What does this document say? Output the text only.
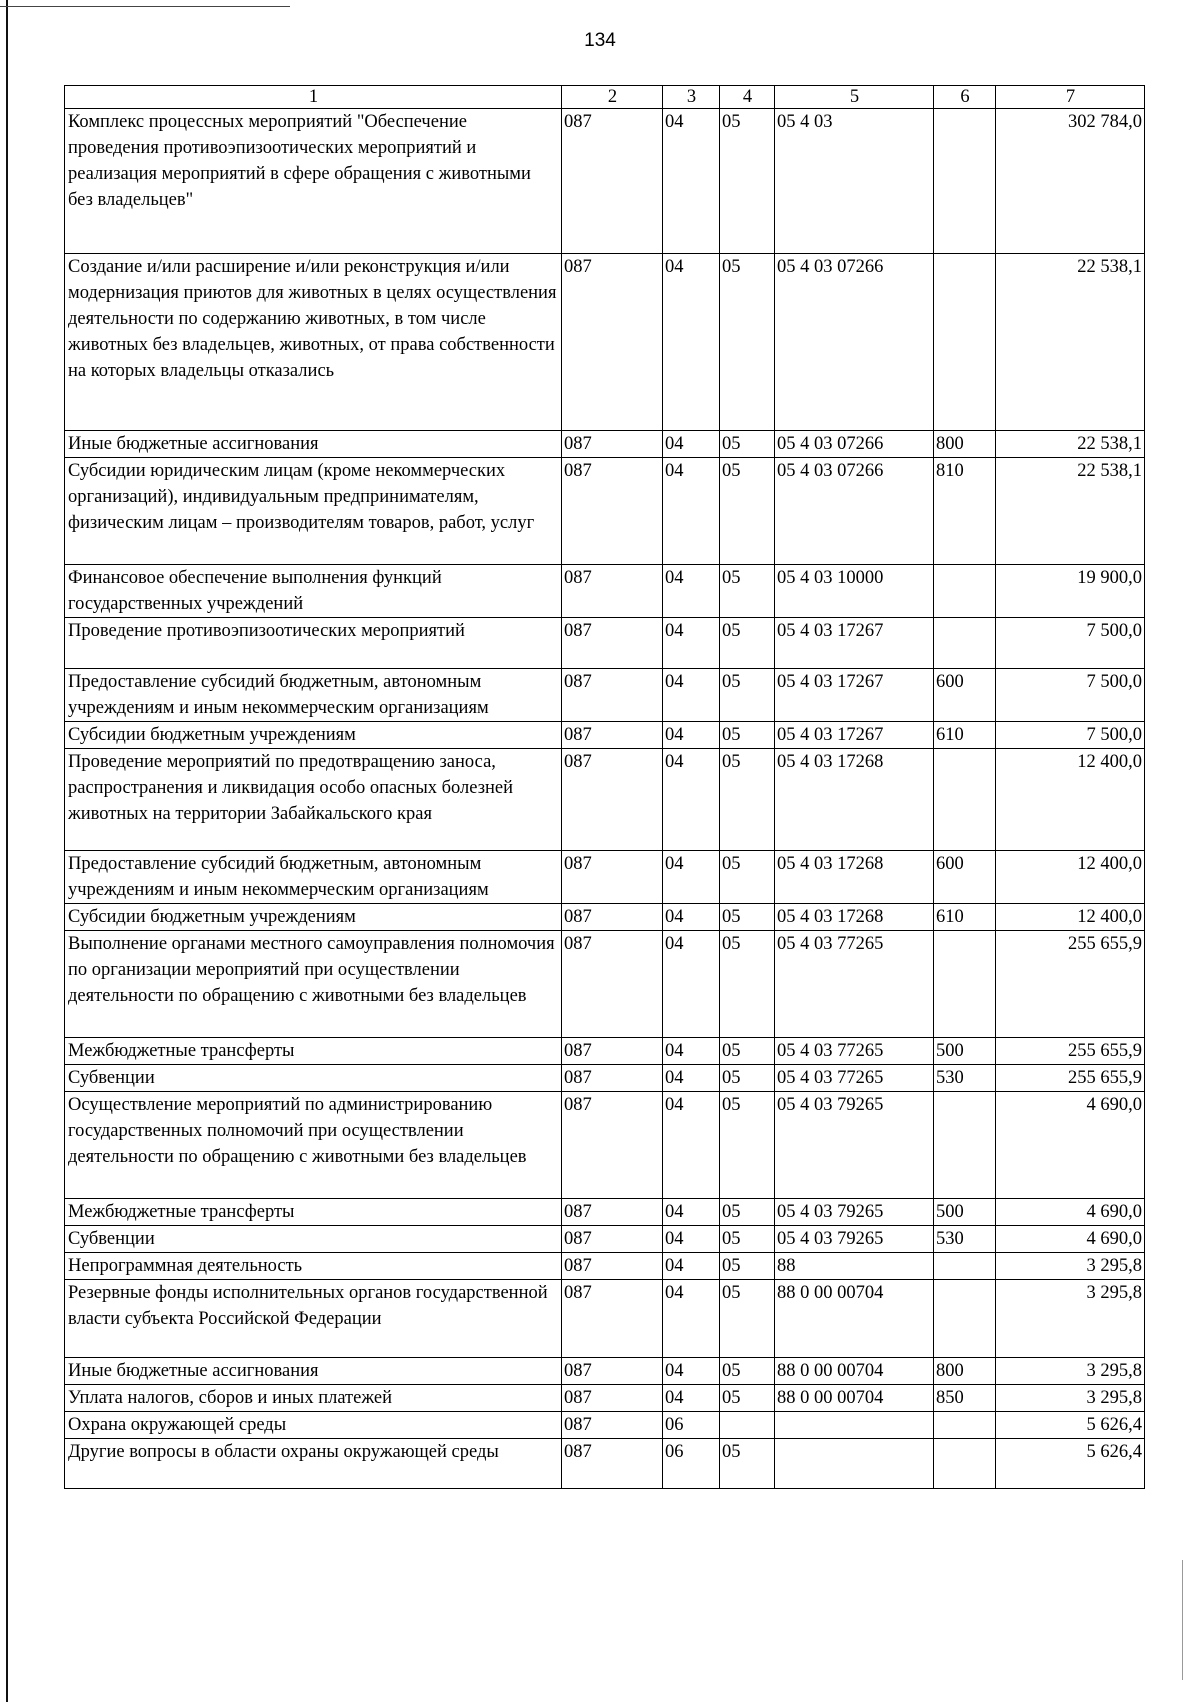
134
1	2	3	4	5	6	7
Комплекс процессных мероприятий "Обеспечение проведения противоэпизоотических мероприятий и реализация мероприятий в сфере обращения с животными без владельцев"	087	04	05	05 4 03		302 784,0
Создание и/или расширение и/или реконструкция и/или модернизация приютов для животных в целях осуществления деятельности по содержанию животных, в том числе животных без владельцев, животных, от права собственности на которых владельцы отказались	087	04	05	05 4 03 07266		22 538,1
Иные бюджетные ассигнования	087	04	05	05 4 03 07266	800	22 538,1
Субсидии юридическим лицам (кроме некоммерческих организаций), индивидуальным предпринимателям, физическим лицам – производителям товаров, работ, услуг	087	04	05	05 4 03 07266	810	22 538,1
Финансовое обеспечение выполнения функций государственных учреждений	087	04	05	05 4 03 10000		19 900,0
Проведение противоэпизоотических мероприятий	087	04	05	05 4 03 17267		7 500,0
Предоставление субсидий бюджетным, автономным учреждениям и иным некоммерческим организациям	087	04	05	05 4 03 17267	600	7 500,0
Субсидии бюджетным учреждениям	087	04	05	05 4 03 17267	610	7 500,0
Проведение мероприятий по предотвращению заноса, распространения и ликвидация особо опасных болезней животных на территории Забайкальского края	087	04	05	05 4 03 17268		12 400,0
Предоставление субсидий бюджетным, автономным учреждениям и иным некоммерческим организациям	087	04	05	05 4 03 17268	600	12 400,0
Субсидии бюджетным учреждениям	087	04	05	05 4 03 17268	610	12 400,0
Выполнение органами местного самоуправления полномочия по организации мероприятий при осуществлении деятельности по обращению с животными без владельцев	087	04	05	05 4 03 77265		255 655,9
Межбюджетные трансферты	087	04	05	05 4 03 77265	500	255 655,9
Субвенции	087	04	05	05 4 03 77265	530	255 655,9
Осуществление мероприятий по администрированию государственных полномочий при осуществлении деятельности по обращению с животными без владельцев	087	04	05	05 4 03 79265		4 690,0
Межбюджетные трансферты	087	04	05	05 4 03 79265	500	4 690,0
Субвенции	087	04	05	05 4 03 79265	530	4 690,0
Непрограммная деятельность	087	04	05	88		3 295,8
Резервные фонды исполнительных органов государственной власти субъекта Российской Федерации	087	04	05	88 0 00 00704		3 295,8
Иные бюджетные ассигнования	087	04	05	88 0 00 00704	800	3 295,8
Уплата налогов, сборов и иных платежей	087	04	05	88 0 00 00704	850	3 295,8
Охрана окружающей среды	087	06				5 626,4
Другие вопросы в области охраны окружающей среды	087	06	05			5 626,4
